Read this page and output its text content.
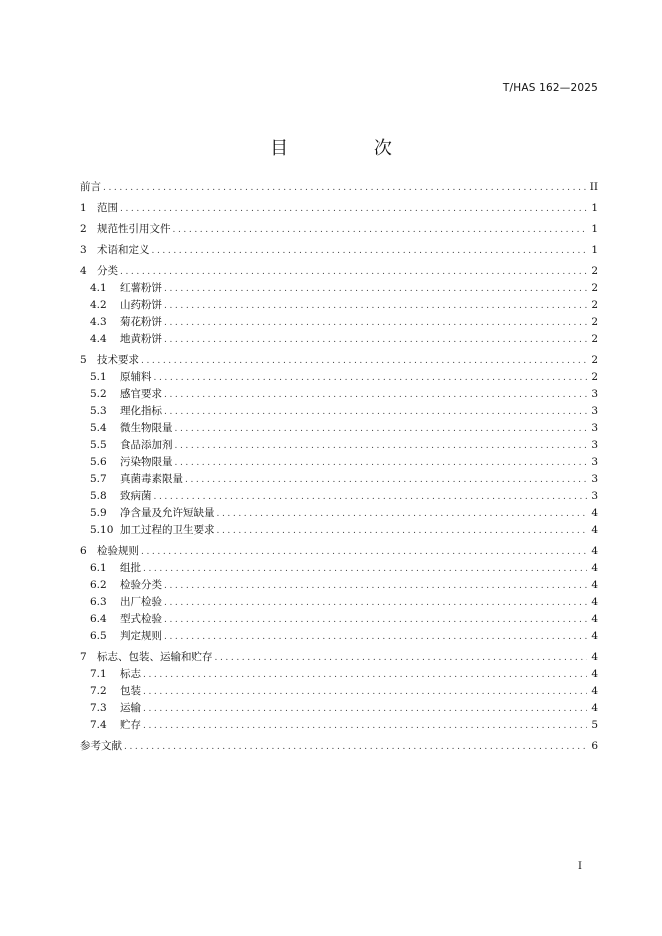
T/HAS 162—2025
目 次
前言 .....	II
1 范围 .....	1
2 规范性引用文件 .....	1
3 术语和定义 .....	1
4 分类 .....	2
4.1	红薯粉饼 .....	2
4.2	山药粉饼 .....	2
4.3	菊花粉饼 .....	2
4.4	地黄粉饼 .....	2
5 技术要求 .....	2
5.1	原辅料 .....	2
5.2	感官要求 .....	3
5.3	理化指标 .....	3
5.4	微生物限量 .....	3
5.5	食品添加剂 .....	3
5.6	污染物限量 .....	3
5.7	真菌毒素限量 .....	3
5.8	致病菌 .....	3
5.9	净含量及允许短缺量 .....	4
5.10 加工过程的卫生要求 .....	4
6 检验规则 .....	4
6.1	组批 .....	4
6.2	检验分类 .....	4
6.3	出厂检验 .....	4
6.4	型式检验 .....	4
6.5	判定规则 .....	4
7 标志、包装、运输和贮存 .....	4
7.1	标志 .....	4
7.2	包装 .....	4
7.3	运输 .....	4
7.4	贮存 .....	5
参考文献 .....	6
I
